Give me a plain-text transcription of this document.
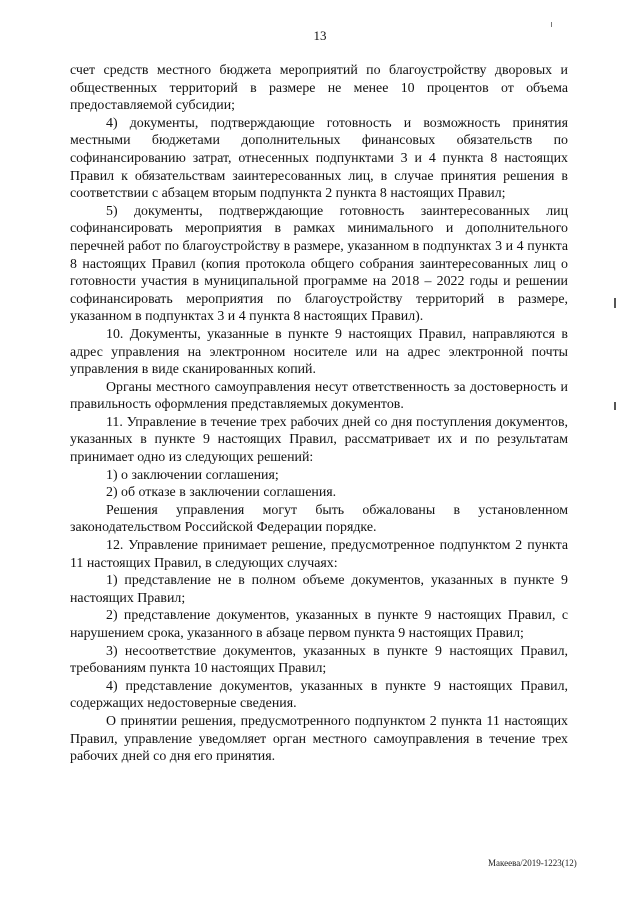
13

счет средств местного бюджета мероприятий по благоустройству дворовых и общественных территорий в размере не менее 10 процентов от объема предоставляемой субсидии;

4) документы, подтверждающие готовность и возможность принятия местными бюджетами дополнительных финансовых обязательств по софинансированию затрат, отнесенных подпунктами 3 и 4 пункта 8 настоящих Правил к обязательствам заинтересованных лиц, в случае принятия решения в соответствии с абзацем вторым подпункта 2 пункта 8 настоящих Правил;

5) документы, подтверждающие готовность заинтересованных лиц софинансировать мероприятия в рамках минимального и дополнительного перечней работ по благоустройству в размере, указанном в подпунктах 3 и 4 пункта 8 настоящих Правил (копия протокола общего собрания заинтересованных лиц о готовности участия в муниципальной программе на 2018 – 2022 годы и решении софинансировать мероприятия по благоустройству территорий в размере, указанном в подпунктах 3 и 4 пункта 8 настоящих Правил).

10. Документы, указанные в пункте 9 настоящих Правил, направляются в адрес управления на электронном носителе или на адрес электронной почты управления в виде сканированных копий.

Органы местного самоуправления несут ответственность за достоверность и правильность оформления представляемых документов.

11. Управление в течение трех рабочих дней со дня поступления документов, указанных в пункте 9 настоящих Правил, рассматривает их и по результатам принимает одно из следующих решений:

1) о заключении соглашения;

2) об отказе в заключении соглашения.

Решения управления могут быть обжалованы в установленном законодательством Российской Федерации порядке.

12. Управление принимает решение, предусмотренное подпунктом 2 пункта 11 настоящих Правил, в следующих случаях:

1) представление не в полном объеме документов, указанных в пункте 9 настоящих Правил;

2) представление документов, указанных в пункте 9 настоящих Правил, с нарушением срока, указанного в абзаце первом пункта 9 настоящих Правил;

3) несоответствие документов, указанных в пункте 9 настоящих Правил, требованиям пункта 10 настоящих Правил;

4) представление документов, указанных в пункте 9 настоящих Правил, содержащих недостоверные сведения.

О принятии решения, предусмотренного подпунктом 2 пункта 11 настоящих Правил, управление уведомляет орган местного самоуправления в течение трех рабочих дней со дня его принятия.

Макеева/2019-1223(12)
